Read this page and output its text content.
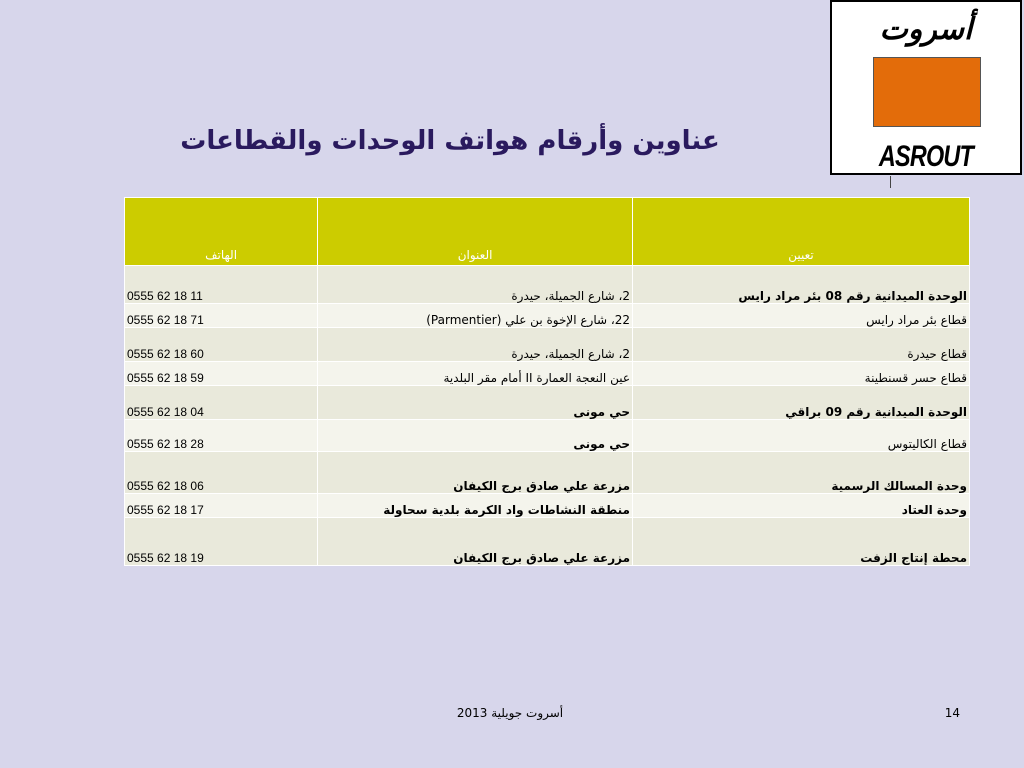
أسروت
ASROUT
عناوين وأرقام هواتف الوحدات والقطاعات
الهاتف	العنوان	تعيين
0555 62 18 11	2، شارع الجميلة، حيدرة	الوحدة الميدانية رقم 08 بئر مراد رايس
0555 62 18 71	22، شارع الإخوة بن علي (Parmentier)	قطاع بئر مراد رايس
0555 62 18 60	2، شارع الجميلة، حيدرة	قطاع حيدرة
0555 62 18 59	عين النعجة العمارة II أمام مقر البلدية	قطاع حسر قسنطينة
0555 62 18 04	حي مونى	الوحدة الميدانية رقم 09 براقي
0555 62 18 28	حي مونى	قطاع الكاليتوس
0555 62 18 06	مزرعة علي صادق برج الكيفان	وحدة المسالك الرسمية
0555 62 18 17	منطقة النشاطات واد الكرمة بلدية سحاولة	وحدة العتاد
0555 62 18 19	مزرعة علي صادق برج الكيفان	محطة إنتاج الزفت
أسروت جويلية 2013	14
